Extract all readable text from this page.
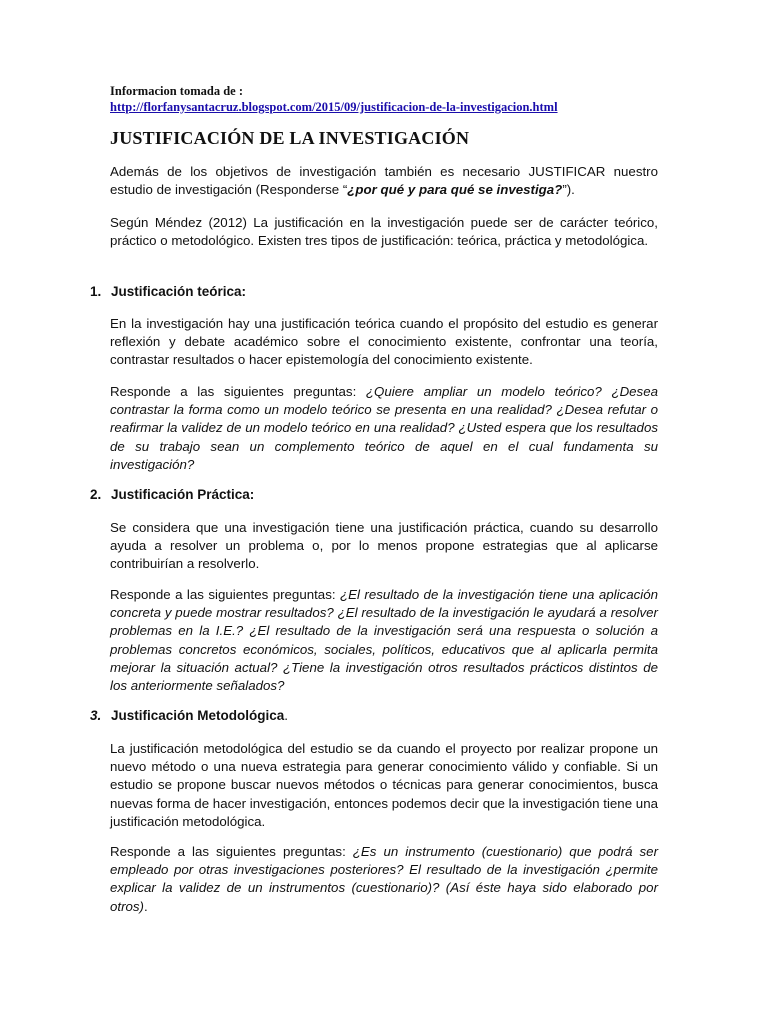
Informacion tomada de :
http://florfanysantacruz.blogspot.com/2015/09/justificacion-de-la-investigacion.html
JUSTIFICACIÓN DE LA INVESTIGACIÓN

Además de los objetivos de investigación también es necesario JUSTIFICAR nuestro estudio de investigación (Responderse “¿por qué y para qué se investiga?”).

Según Méndez (2012) La justificación en la investigación puede ser de carácter teórico, práctico o metodológico. Existen tres tipos de justificación: teórica, práctica y metodológica.

1. Justificación teórica:

En la investigación hay una justificación teórica cuando el propósito del estudio es generar reflexión y debate académico sobre el conocimiento existente, confrontar una teoría, contrastar resultados o hacer epistemología del conocimiento existente.

Responde a las siguientes preguntas: ¿Quiere ampliar un modelo teórico? ¿Desea contrastar la forma como un modelo teórico se presenta en una realidad? ¿Desea refutar o reafirmar la validez de un modelo teórico en una realidad? ¿Usted espera que los resultados de su trabajo sean un complemento teórico de aquel en el cual fundamenta su investigación?

2. Justificación Práctica:

Se considera que una investigación tiene una justificación práctica, cuando su desarrollo ayuda a resolver un problema o, por lo menos propone estrategias que al aplicarse contribuirían a resolverlo.

Responde a las siguientes preguntas: ¿El resultado de la investigación tiene una aplicación concreta y puede mostrar resultados? ¿El resultado de la investigación le ayudará a resolver problemas en la I.E.? ¿El resultado de la investigación será una respuesta o solución a problemas concretos económicos, sociales, políticos, educativos que al aplicarla permita mejorar la situación actual? ¿Tiene la investigación otros resultados prácticos distintos de los anteriormente señalados?

3. Justificación Metodológica.

La justificación metodológica del estudio se da cuando el proyecto por realizar propone un nuevo método o una nueva estrategia para generar conocimiento válido y confiable. Si un estudio se propone buscar nuevos métodos o técnicas para generar conocimientos, busca nuevas forma de hacer investigación, entonces podemos decir que la investigación tiene una justificación metodológica.

Responde a las siguientes preguntas: ¿Es un instrumento (cuestionario) que podrá ser empleado por otras investigaciones posteriores? El resultado de la investigación ¿permite explicar la validez de un instrumentos (cuestionario)? (Así éste haya sido elaborado por otros).
